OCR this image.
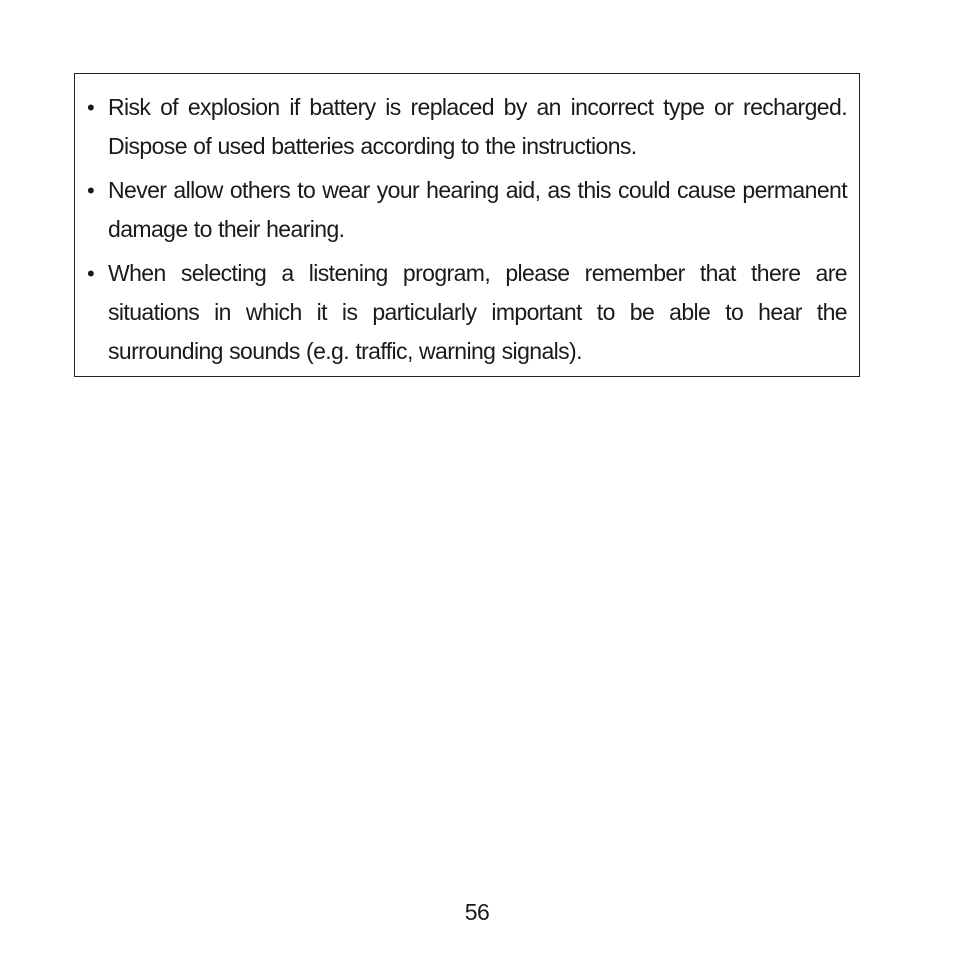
• Risk of explosion if battery is replaced by an incorrect type or recharged. Dispose of used batteries according to the instructions.
• Never allow others to wear your hearing aid, as this could cause permanent damage to their hearing.
• When selecting a listening program, please remember that there are situations in which it is particularly important to be able to hear the surrounding sounds (e.g. traffic, warning signals).
56
